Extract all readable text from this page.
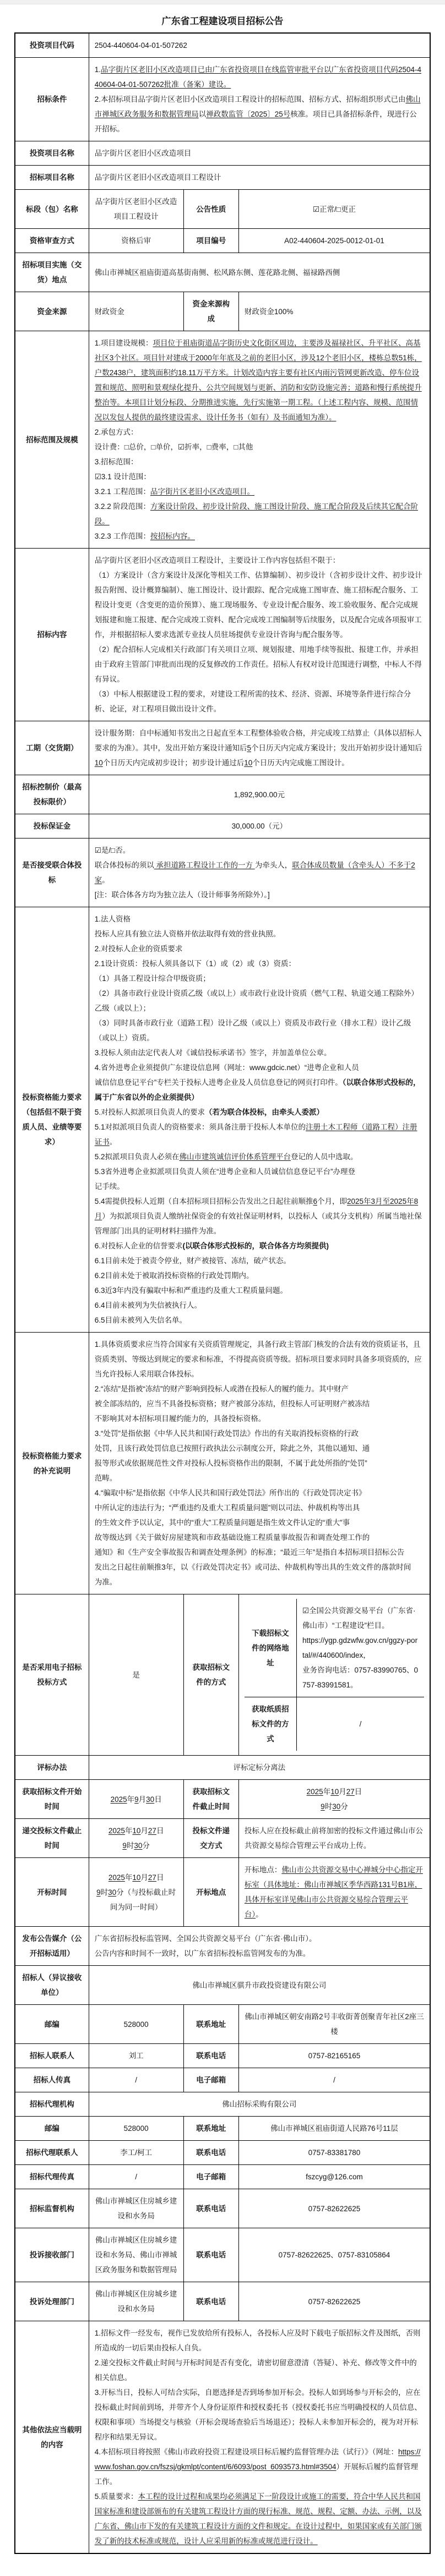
广东省工程建设项目招标公告
投资项目代码	2504-440604-04-01-507262
招标条件	1.品字街片区老旧小区改造项目已由广东省投资项目在线监管审批平台以广东省投资项目代码2504-440604-04-01-507262批准（备案）建设。
2.本招标项目品字街片区老旧小区改造项目工程设计的招标范围、招标方式、招标组织形式已由佛山市禅城区政务服务和数据管理局以禅政数监管〔2025〕25号核准。项目已具备招标条件，现进行公开招标。
投资项目名称	品字街片区老旧小区改造项目
招标项目名称	品字街片区老旧小区改造项目工程设计
标段（包）名称	品字街片区老旧小区改造项目工程设计	公告性质	☑正常/□更正
资格审查方式	资格后审	项目编号	A02-440604-2025-0012-01-01
招标项目实施（交货）地点	佛山市禅城区祖庙街道高基街南侧、松风路东侧、莲花路北侧、福禄路西侧
资金来源	财政资金	资金来源构成	财政资金100%
招标范围及规模	1.项目建设规模：项目位于祖庙街道品字街历史文化街区周边，主要涉及福禄社区、升平社区、高基社区3个社区。项目针对建成于2000年年底及之前的老旧小区，涉及12个老旧小区，楼栋总数51栋，户数2438户，建筑面积约18.11万平方米。计划改造内容主要有社区内雨污管网更新改造、停车位设置和规范、照明和景观绿化提升、公共空间规划与更新、消防和安防设施完善；道路和慢行系统提升整治等。本项目计划分标段、分期推进实施，先行实施第一期工程。（上述工程内容、规模、范围情况以发包人提供的最终建设需求、设计任务书（如有）及书面通知为准）。
2.承包方式：
设计费：□总价，□单价，☑折率，□费率，□其他
3.招标范围：
☑3.1 设计范围：
3.2.1 工程范围：品字街片区老旧小区改造项目。
3.2.2 阶段范围：方案设计阶段、初步设计阶段、施工图设计阶段、施工配合阶段及后续其它配合阶段。
3.2.3 工作范围：按招标内容。
招标内容	品字街片区老旧小区改造项目工程设计，主要设计工作内容包括但不限于：
（1）方案设计（含方案设计及深化等相关工作、估算编制）、初步设计（含初步设计文件、初步设计报告附图、设计概算编制）、施工图设计、设计跟踪、配合完成施工图审查、施工招标配合服务、工程设计变更（含变更的造价预算）、施工现场服务、专业设计配合服务、竣工验收服务、配合完成规划报建和施工报建、配合完成竣工资料、配合完成竣工图编制等后续服务，以及配合完成各项报审工作，并根据招标人要求选派专业技人员驻场提供专业设计咨询与配合服务等。
（2）配合招标人完成相关行政部门有关项目立项、规划报建、用地手续等报批、报建工作，并承担由于政府主管部门审批而出现的反复修改的工作责任。招标人有权对设计范围进行调整，中标人不得有异议。
（3）中标人根据建设工程的要求，对建设工程所需的技术、经济、资源、环境等条件进行综合分析、论证，对工程项目做出设计文件。
工期（交货期）	设计服务期：自中标通知书发出之日起直至本工程整体验收合格，并完成竣工结算止（具体以招标人要求的为准）。其中，发出开始方案设计通知后5个日历天内完成方案设计；发出开始初步设计通知后10个日历天内完成初步设计；初步设计通过后10个日历天内完成施工图设计。
招标控制价（最高投标限价）	1,892,900.00元
投标保证金	30,000.00（元）
是否接受联合体投标	☑是/□否。
联合体投标的须以 承担道路工程设计工作的一方 为牵头人，联合体成员数量（含牵头人）不多于2家。
[注：联合体各方均为独立法人（设计师事务所除外）。]
投标资格能力要求（包括但不限于资质人员、业绩等要求）	1.法人资格
投标人应具有独立法人资格并依法取得有效的营业执照。
2.对投标人企业的资质要求
2.1设计资质：投标人须具备以下（1）或（2）或（3）资质：
（1）具备工程设计综合甲级资质；
（2）具备市政行业设计资质乙级（或以上）或市政行业设计资质（燃气工程、轨道交通工程除外）乙级（或以上）；
（3）同时具备市政行业（道路工程）设计乙级（或以上）资质及市政行业（排水工程）设计乙级（或以上）资质。
3.投标人须由法定代表人对《诚信投标承诺书》签字，并加盖单位公章。
4.省外进粤企业须提供广东建设信息网（网址：www.gdcic.net）“进粤企业和人员
诚信信息登记平台”专栏关于投标人进粤企业及人员信息登记的网页打印件。（以联合体形式投标的，属于广东省以外的企业须提供）
5.对投标人拟派项目负责人的要求（若为联合体投标，由牵头人委派）
5.1对拟派项目负责人的资格要求：须具备注册于投标人本单位的注册土木工程师（道路工程）注册证书。
5.2拟派项目负责人必须在佛山市建筑诚信评价体系管理平台登记的人员中选取。
5.3省外进粤企业拟派项目负责人须在“进粤企业和人员诚信信息登记平台”办理登
记手续。
5.4需提供投标人近期（自本招标项目招标公告发出之日起往前顺推6个月，即2025年3月至2025年8月）为拟派项目负责人缴纳社保资金的有效社保证明材料，以投标人（或其分支机构）所属当地社保管理部门出具的证明材料扫描件为准。
6.对投标人企业的信誉要求(以联合体形式投标的，联合体各方均须提供)
6.1目前未处于被责令停业，财产被接管、冻结，破产状态。
6.2目前未处于被取消投标资格的行政处罚期内。
6.3近3年内没有骗取中标和严重违约及重大工程质量问题。
6.4目前未被列为失信被执行人。
6.5目前未被列入失信名单。
投标资格能力要求的补充说明	1.具体资质要求应当符合国家有关资质管理规定，具备行政主管部门核发的合法有效的资质证书，且资质类别、等级达到规定的要求和标准，不得提高资质等级。招标项目要求同时具备多项资质的，应当允许投标人采用联合体投标。
2.“冻结”是指被“冻结”的财产影响到投标人或潜在投标人的履约能力。其中财产
被全部冻结的，应当不具备投标资格；财产被部分冻结，但投标人可证明财产被冻结
不影响其对本招标项目履约能力的，具备投标资格。
3.“处罚”是指依据《中华人民共和国行政处罚法》作出的有关取消投标资格的行政
处罚，且该行政处罚信息已按照行政执法公示制度公开，除此之外，其他以通知、通
报等形式或依据规范性文件对投标人投标资格作出的限制，不属于此处所指的“处罚”
范畴。
4.“骗取中标”是指依据《中华人民共和国行政处罚法》所作出的《行政处罚决定书》
中所认定的违法行为；“严重违约及重大工程质量问题”则以司法、仲裁机构等出具
的生效文件予以认定，其中的“重大”工程质量问题是指生效文件认定的“重大”事
故等级达到《关于做好房屋建筑和市政基础设施工程质量事故报告和调查处理工作的
通知》和《生产安全事故报告和调查处理条例》的标准；“最近三年”是指自本招标项目招标公告
发出之日起往前顺推3年，以《行政处罚决定书》或司法、仲裁机构等出具的生效文件的落款时间
为准。
是否采用电子招标投标方式	是	获取招标文件的方式	
下载招标文件的网络地址	☑全国公共资源交易平台（广东省·佛山市）“工程建设”栏目。
https://ygp.gdzwfw.gov.cn/ggzy-portal/#/440600/index，
业务咨询电话：0757-83990765、0757-83991581。
获取纸质招标文件的方式	/

评标办法	评标定标分离法
获取招标文件开始时间	2025年9月30日	获取招标文件截止时间	2025年10月27日
9时30分
递交投标文件截止时间	2025年10月27日
9时30分	投标文件递交方式	投标人应在投标截止前将加密的投标文件通过佛山市公共资源交易综合管理云平台成功上传。
开标时间	2025年10月27日
9时30分（与投标截止时间为同一时间）	开标地点	开标地点：佛山市公共资源交易中心禅城分中心指定开标室（具体地址：佛山市禅城区季华西路131号B1座，具体开标室详见佛山市公共资源交易综合管理云平台）。
发布公告媒介（公开招标适用）	广东省招标投标监管网、全国公共资源交易平台（广东省·佛山市）。
公告内容和时间不一致时，以广东省招标投标监管网发布的为准。
招标人（异议接收单位）	佛山市禅城区骐升市政投资建设有限公司
邮编	528000	联系地址	佛山市禅城区朝安南路2号丰收街菁创聚青年社区2座三楼
招标人联系人	刘工	联系电话	0757-82165165
招标人传真	/	电子邮箱	/
招标代理机构	佛山招标采购有限公司
邮编	528000	联系地址	佛山市禅城区祖庙街道人民路76号11层
招标代理联系人	李工/柯工	联系电话	0757-83381780
招标代理传真	/	电子邮箱	fszcyg@126.com
招标监督机构	佛山市禅城区住房城乡建设和水务局	联系电话	0757-82622625
投诉接收部门	佛山市禅城区住房城乡建设和水务局、佛山市禅城区政务服务和数据管理局	联系电话	0757-82622625、0757-83105864
投诉处理部门	佛山市禅城区住房城乡建设和水务局	联系电话	0757-82622625
其他依法应当载明的内容	1.招标文件一经发布，视作已发放给所有投标人，各投标人应及时下载电子版招标文件及图纸，否则所造成的一切后果由投标人自负。
2.递交投标文件截止时间与开标时间是否有变化，请密切留意澄清（答疑）、补充、修改等文件中的相关信息。
3.开标当日，投标人可结合实际，自愿选择是否到场参加开标会。投标人如到场参与开标会的，应在投标截止时间前到场，并带齐个人身份证原件和授权委托书（授权委托书应当明确授权的人员信息、权限和事项）当场提交与核验（开标会现场查验后当场退还）；投标人未参加开标会的，视为对开标程序和结果无异议。
4.本招标项目将按照《佛山市政府投资工程建设项目标后履约监督管理办法（试行）》（网址：https://www.foshan.gov.cn/fszsj/gkmlpt/content/6/6093/post_6093573.html#3504）开展标后履约监督管理工作。
5.质量要求：本工程的设计过程和成果均必须满足下一阶段设计或施工的需要，符合中华人民共和国国家标准和建设部颁布的有关建筑工程设计方面的现行标准、规范、规程、定额、办法、示例，以及广东省、佛山市下发的有关建筑工程设计方面的文件和规定。在设计过程中，如果国家或有关部门颁发了新的技术标准或规范，设计人应采用新的标准或规范进行设计。
